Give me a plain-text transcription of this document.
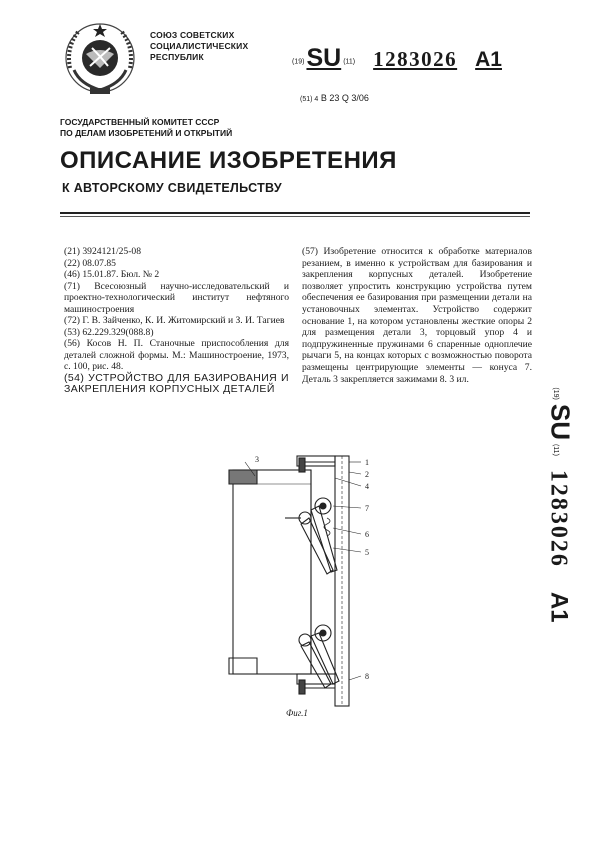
СОЮЗ СОВЕТСКИХ
СОЦИАЛИСТИЧЕСКИХ
РЕСПУБЛИК	(19)SU (11) 1283026 A1
(51) 4 B 23 Q 3/06
ГОСУДАРСТВЕННЫЙ КОМИТЕТ СССР
ПО ДЕЛАМ ИЗОБРЕТЕНИЙ И ОТКРЫТИЙ
ОПИСАНИЕ ИЗОБРЕТЕНИЯ
К АВТОРСКОМУ СВИДЕТЕЛЬСТВУ

(21) 3924121/25-08

(22) 08.07.85

(46) 15.01.87. Бюл. № 2

(71) Всесоюзный научно-исследовательский и проектно-технологический институт нефтяного машиностроения

(72) Г. В. Зайченко, К. И. Житомирский и З. И. Тагиев

(53) 62.229.329(088.8)

(56) Косов Н. П. Станочные приспособления для деталей сложной формы. М.: Машиностроение, 1973, с. 100, рис. 48.

(54) УСТРОЙСТВО ДЛЯ БАЗИРОВАНИЯ И ЗАКРЕПЛЕНИЯ КОРПУСНЫХ ДЕТАЛЕЙ

(57) Изобретение относится к обработке материалов резанием, в именно к устройствам для базирования и закрепления корпусных деталей. Изобретение позволяет упростить конструкцию устройства путем обеспечения ее базирования при размещении детали на установочных элементах. Устройство содержит основание 1, на котором установлены жесткие опоры 2 для размещения детали 3, торцовый упор 4 и подпружиненные пружинами 6 спаренные одноплечие рычаги 5, на концах которых с возможностью поворота размещены центрирующие элементы — конуса 7. Деталь 3 закрепляется зажимами 8. 3 ил.
(19)SU(11)1283026A1
1
2
4
3
7
6
5
8
Фиг.1
